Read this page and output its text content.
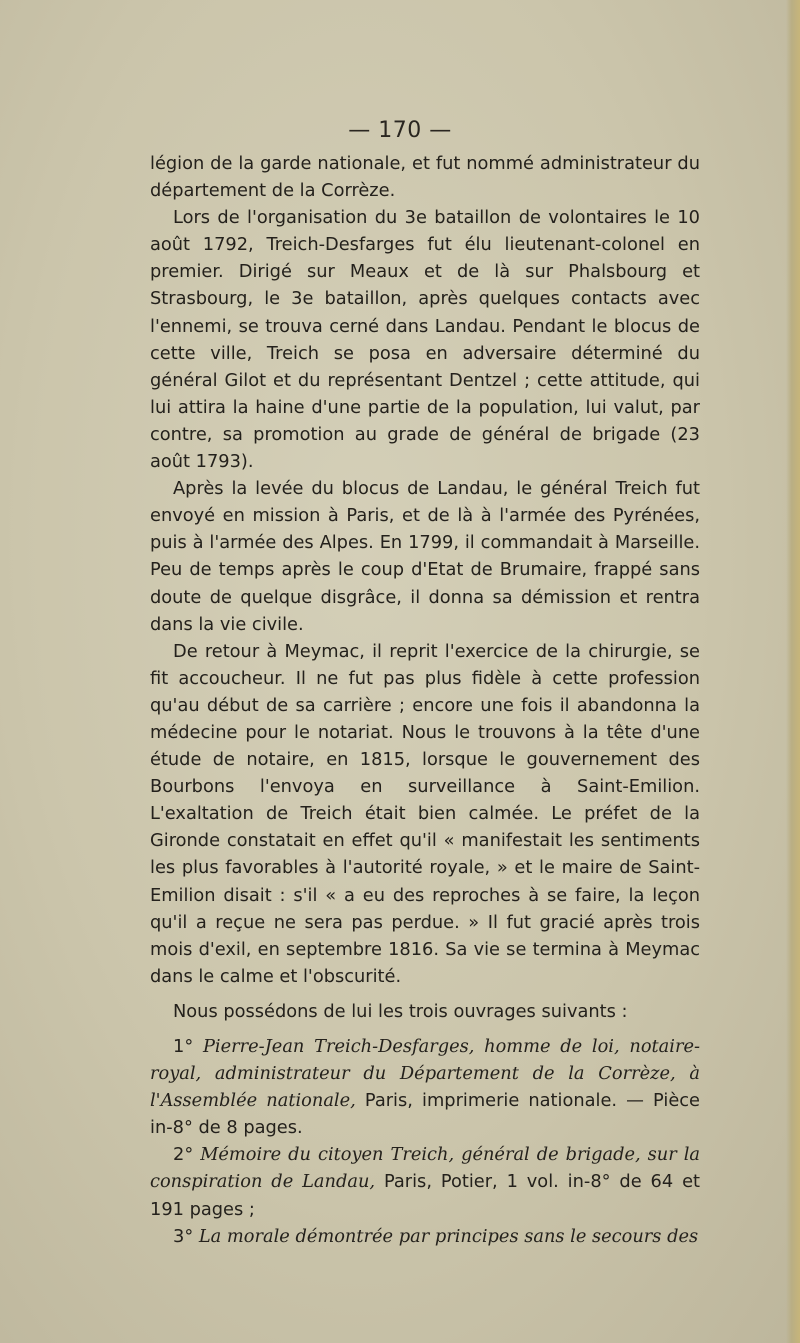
— 170 —

légion de la garde nationale, et fut nommé administrateur du département de la Corrèze.

Lors de l'organisation du 3e bataillon de volontaires le 10 août 1792, Treich-Desfarges fut élu lieutenant-colonel en premier. Dirigé sur Meaux et de là sur Phalsbourg et Strasbourg, le 3e bataillon, après quelques contacts avec l'ennemi, se trouva cerné dans Landau. Pendant le blocus de cette ville, Treich se posa en adversaire déterminé du général Gilot et du représentant Dentzel ; cette attitude, qui lui attira la haine d'une partie de la population, lui valut, par contre, sa promotion au grade de général de brigade (23 août 1793).

Après la levée du blocus de Landau, le général Treich fut envoyé en mission à Paris, et de là à l'armée des Pyrénées, puis à l'armée des Alpes. En 1799, il commandait à Marseille. Peu de temps après le coup d'Etat de Brumaire, frappé sans doute de quelque disgrâce, il donna sa démission et rentra dans la vie civile.

De retour à Meymac, il reprit l'exercice de la chirurgie, se fit accoucheur. Il ne fut pas plus fidèle à cette profession qu'au début de sa carrière ; encore une fois il abandonna la médecine pour le notariat. Nous le trouvons à la tête d'une étude de notaire, en 1815, lorsque le gouvernement des Bourbons l'envoya en surveillance à Saint-Emilion. L'exaltation de Treich était bien calmée. Le préfet de la Gironde constatait en effet qu'il « manifestait les sentiments les plus favorables à l'autorité royale, » et le maire de Saint-Emilion disait : s'il « a eu des reproches à se faire, la leçon qu'il a reçue ne sera pas perdue. » Il fut gracié après trois mois d'exil, en septembre 1816. Sa vie se termina à Meymac dans le calme et l'obscurité.

Nous possédons de lui les trois ouvrages suivants :

1° Pierre-Jean Treich-Desfarges, homme de loi, notaire-royal, administrateur du Département de la Corrèze, à l'Assemblée nationale, Paris, imprimerie nationale. — Pièce in-8° de 8 pages.

2° Mémoire du citoyen Treich, général de brigade, sur la conspiration de Landau, Paris, Potier, 1 vol. in-8° de 64 et 191 pages ;

3° La morale démontrée par principes sans le secours des
